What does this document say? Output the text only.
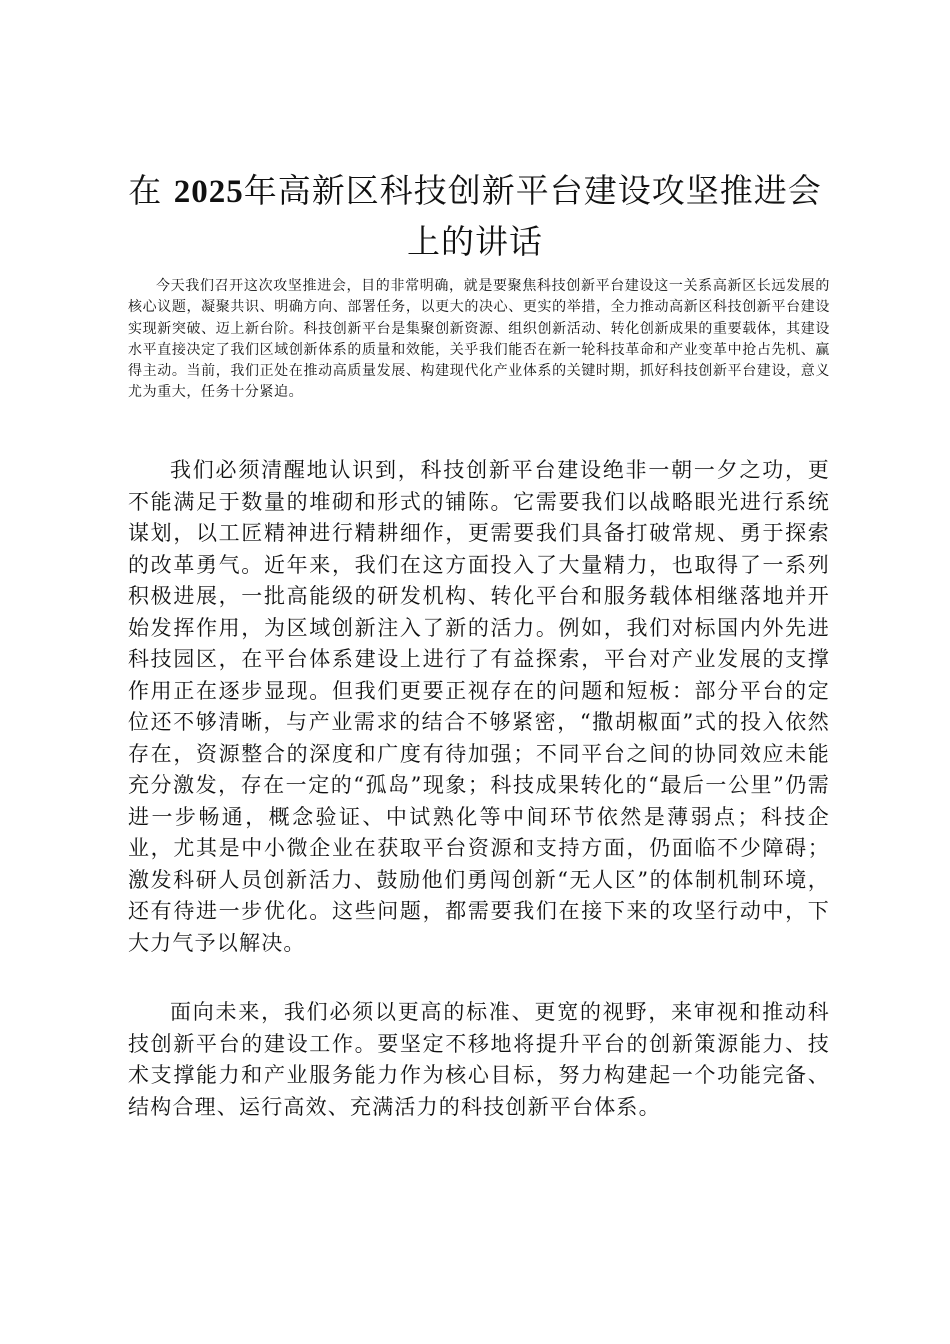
在 2025年高新区科技创新平台建设攻坚推进会上的讲话

今天我们召开这次攻坚推进会，目的非常明确，就是要聚焦科技创新平台建设这一关系高新区长远发展的核心议题，凝聚共识、明确方向、部署任务，以更大的决心、更实的举措，全力推动高新区科技创新平台建设实现新突破、迈上新台阶。科技创新平台是集聚创新资源、组织创新活动、转化创新成果的重要载体，其建设水平直接决定了我们区域创新体系的质量和效能，关乎我们能否在新一轮科技革命和产业变革中抢占先机、赢得主动。当前，我们正处在推动高质量发展、构建现代化产业体系的关键时期，抓好科技创新平台建设，意义尤为重大，任务十分紧迫。

我们必须清醒地认识到，科技创新平台建设绝非一朝一夕之功，更不能满足于数量的堆砌和形式的铺陈。它需要我们以战略眼光进行系统谋划，以工匠精神进行精耕细作，更需要我们具备打破常规、勇于探索的改革勇气。近年来，我们在这方面投入了大量精力，也取得了一系列积极进展，一批高能级的研发机构、转化平台和服务载体相继落地并开始发挥作用，为区域创新注入了新的活力。例如，我们对标国内外先进科技园区，在平台体系建设上进行了有益探索，平台对产业发展的支撑作用正在逐步显现。但我们更要正视存在的问题和短板：部分平台的定位还不够清晰，与产业需求的结合不够紧密，“撒胡椒面”式的投入依然存在，资源整合的深度和广度有待加强；不同平台之间的协同效应未能充分激发，存在一定的“孤岛”现象；科技成果转化的“最后一公里”仍需进一步畅通，概念验证、中试熟化等中间环节依然是薄弱点；科技企业，尤其是中小微企业在获取平台资源和支持方面，仍面临不少障碍；激发科研人员创新活力、鼓励他们勇闯创新“无人区”的体制机制环境，还有待进一步优化。这些问题，都需要我们在接下来的攻坚行动中，下大力气予以解决。

面向未来，我们必须以更高的标准、更宽的视野，来审视和推动科技创新平台的建设工作。要坚定不移地将提升平台的创新策源能力、技术支撑能力和产业服务能力作为核心目标，努力构建起一个功能完备、结构合理、运行高效、充满活力的科技创新平台体系。
